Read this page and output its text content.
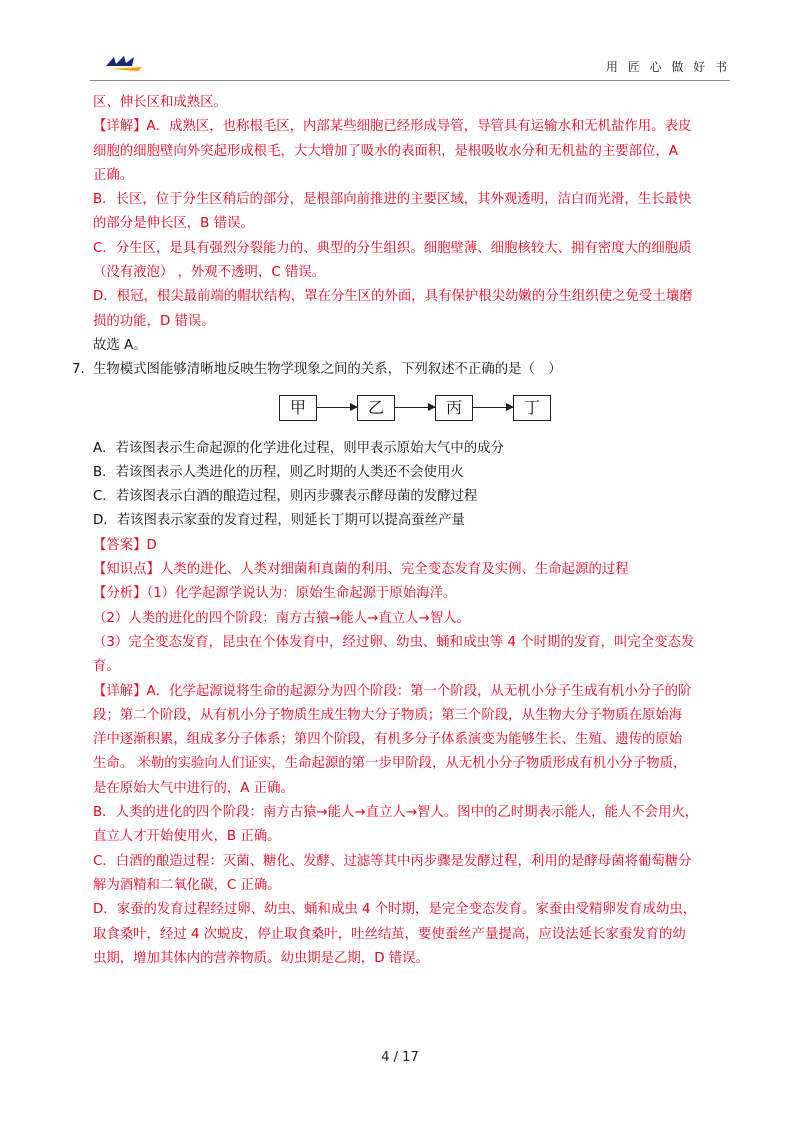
用 匠 心 做 好 书
区、伸长区和成熟区。
【详解】A．成熟区，也称根毛区，内部某些细胞已经形成导管，导管具有运输水和无机盐作用。表皮
细胞的细胞壁向外突起形成根毛，大大增加了吸水的表面积，是根吸收水分和无机盐的主要部位，A
正确。
B．长区，位于分生区稍后的部分，是根部向前推进的主要区域，其外观透明，洁白而光滑，生长最快
的部分是伸长区，B 错误。
C．分生区，是具有强烈分裂能力的、典型的分生组织。细胞壁薄、细胞核较大、拥有密度大的细胞质
（没有液泡） ，外观不透明，C 错误。
D．根冠，根尖最前端的帽状结构，罩在分生区的外面，具有保护根尖幼嫩的分生组织使之免受土壤磨
损的功能，D 错误。
故选 A。
7. 生物模式图能够清晰地反映生物学现象之间的关系，下列叙述不正确的是（　）
甲	乙	丙	丁
A．若该图表示生命起源的化学进化过程，则甲表示原始大气中的成分
B．若该图表示人类进化的历程，则乙时期的人类还不会使用火
C．若该图表示白酒的酿造过程，则丙步骤表示酵母菌的发酵过程
D．若该图表示家蚕的发育过程，则延长丁期可以提高蚕丝产量
【答案】D
【知识点】人类的进化、人类对细菌和真菌的利用、完全变态发育及实例、生命起源的过程
【分析】（1）化学起源学说认为：原始生命起源于原始海洋。
（2）人类的进化的四个阶段：南方古猿→能人→直立人→智人。
（3）完全变态发育，昆虫在个体发育中，经过卵、幼虫、蛹和成虫等 4 个时期的发育，叫完全变态发
育。
【详解】A．化学起源说将生命的起源分为四个阶段：第一个阶段，从无机小分子生成有机小分子的阶
段；第二个阶段，从有机小分子物质生成生物大分子物质；第三个阶段，从生物大分子物质在原始海
洋中逐渐积累，组成多分子体系；第四个阶段，有机多分子体系演变为能够生长、生殖、遗传的原始
生命。 米勒的实验向人们证实，生命起源的第一步甲阶段，从无机小分子物质形成有机小分子物质，
是在原始大气中进行的，A 正确。
B．人类的进化的四个阶段：南方古猿→能人→直立人→智人。图中的乙时期表示能人，能人不会用火，
直立人才开始使用火，B 正确。
C．白酒的酿造过程：灭菌、糖化、发酵、过滤等其中丙步骤是发酵过程，利用的是酵母菌将葡萄糖分
解为酒精和二氧化碳，C 正确。
D．家蚕的发育过程经过卵、幼虫、蛹和成虫 4 个时期，是完全变态发育。家蚕由受精卵发育成幼虫，
取食桑叶，经过 4 次蜕皮，停止取食桑叶，吐丝结茧，要使蚕丝产量提高，应设法延长家蚕发育的幼
虫期，增加其体内的营养物质。幼虫期是乙期，D 错误。
4 / 17
